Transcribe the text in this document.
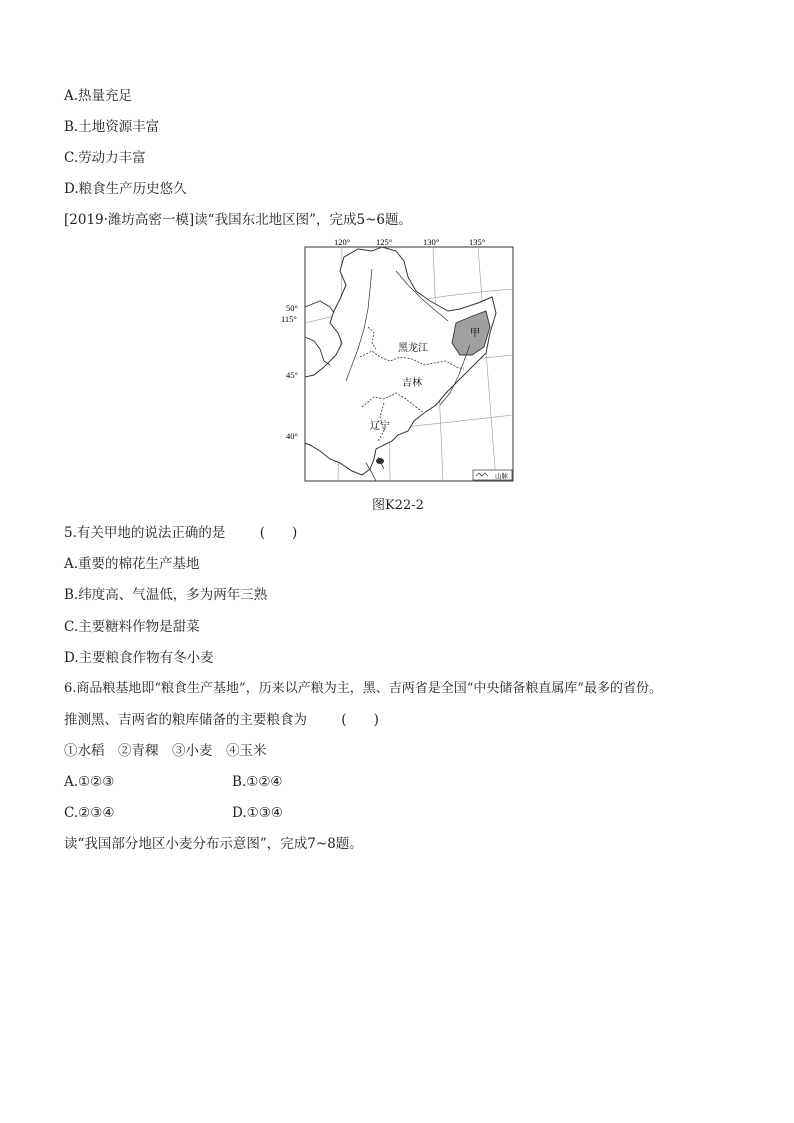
A.热量充足
B.土地资源丰富
C.劳动力丰富
D.粮食生产历史悠久
[2019·潍坊高密一模]读“我国东北地区图”，完成5~6题。
120°	125°	130°	135°
50°
115°
45°
40°
甲
黑龙江
吉林
辽宁
山脉
图K22-2
5.有关甲地的说法正确的是	(　　)
A.重要的棉花生产基地
B.纬度高、气温低，多为两年三熟
C.主要糖料作物是甜菜
D.主要粮食作物有冬小麦
6.商品粮基地即“粮食生产基地”，历来以产粮为主，黑、吉两省是全国“中央储备粮直属库”最多的省份。
推测黑、吉两省的粮库储备的主要粮食为	(　　)
①水稻　②青稞　③小麦　④玉米
A.①②③	B.①②④
C.②③④	D.①③④
读“我国部分地区小麦分布示意图”，完成7~8题。
